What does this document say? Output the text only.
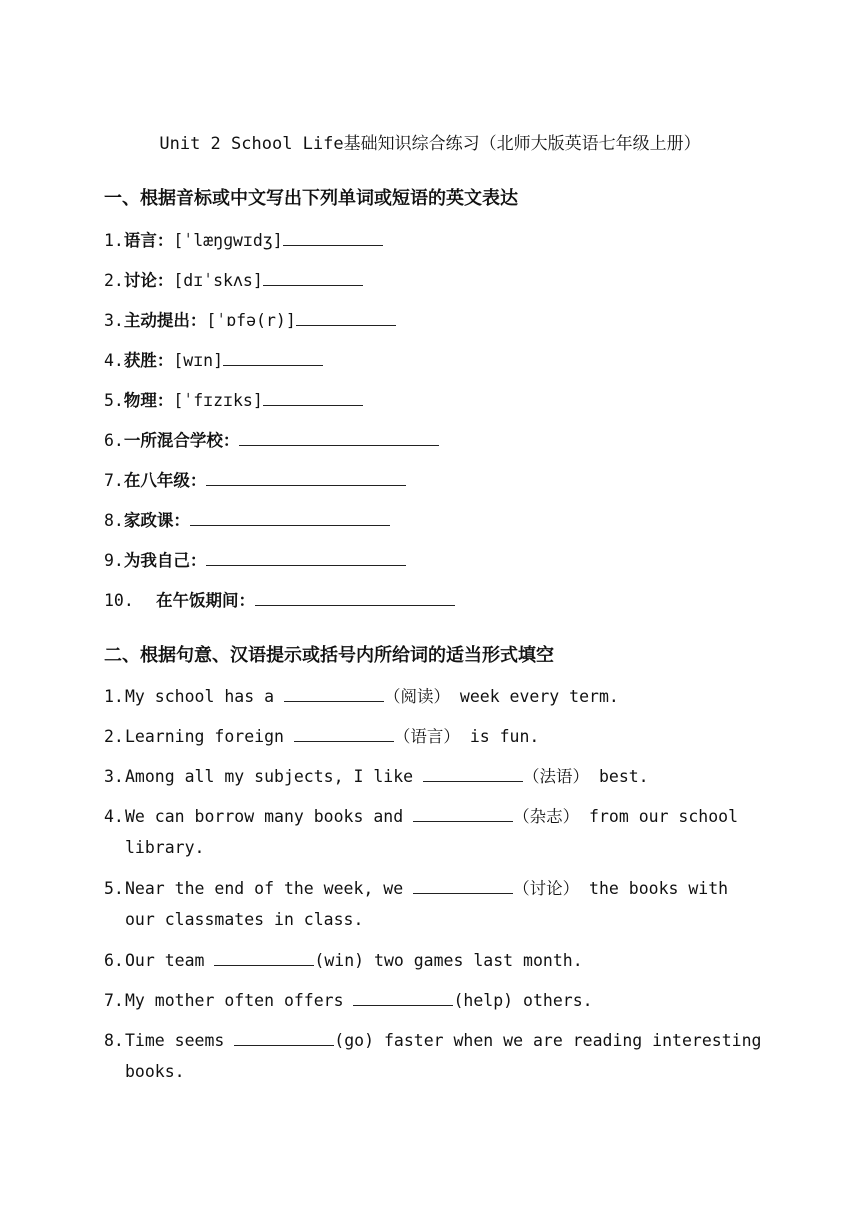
Unit 2 School Life基础知识综合练习（北师大版英语七年级上册）
一、根据音标或中文写出下列单词或短语的英文表达
1.语言：[ˈlæŋɡwɪdʒ]
2.讨论：[dɪˈskʌs]
3.主动提出：[ˈɒfə(r)]
4.获胜：[wɪn]
5.物理：[ˈfɪzɪks]
6.一所混合学校：
7.在八年级：
8.家政课：
9.为我自己：
10. 在午饭期间：
二、根据句意、汉语提示或括号内所给词的适当形式填空
1. My school has a	（阅读） week every term.
2. Learning foreign	（语言） is fun.
3. Among all my subjects, I like	（法语） best.
4. We can borrow many books and	（杂志） from our school library.
5. Near the end of the week, we	（讨论） the books with our classmates in class.
6. Our team	(win) two games last month.
7. My mother often offers	(help) others.
8. Time seems	(go) faster when we are reading interesting books.
